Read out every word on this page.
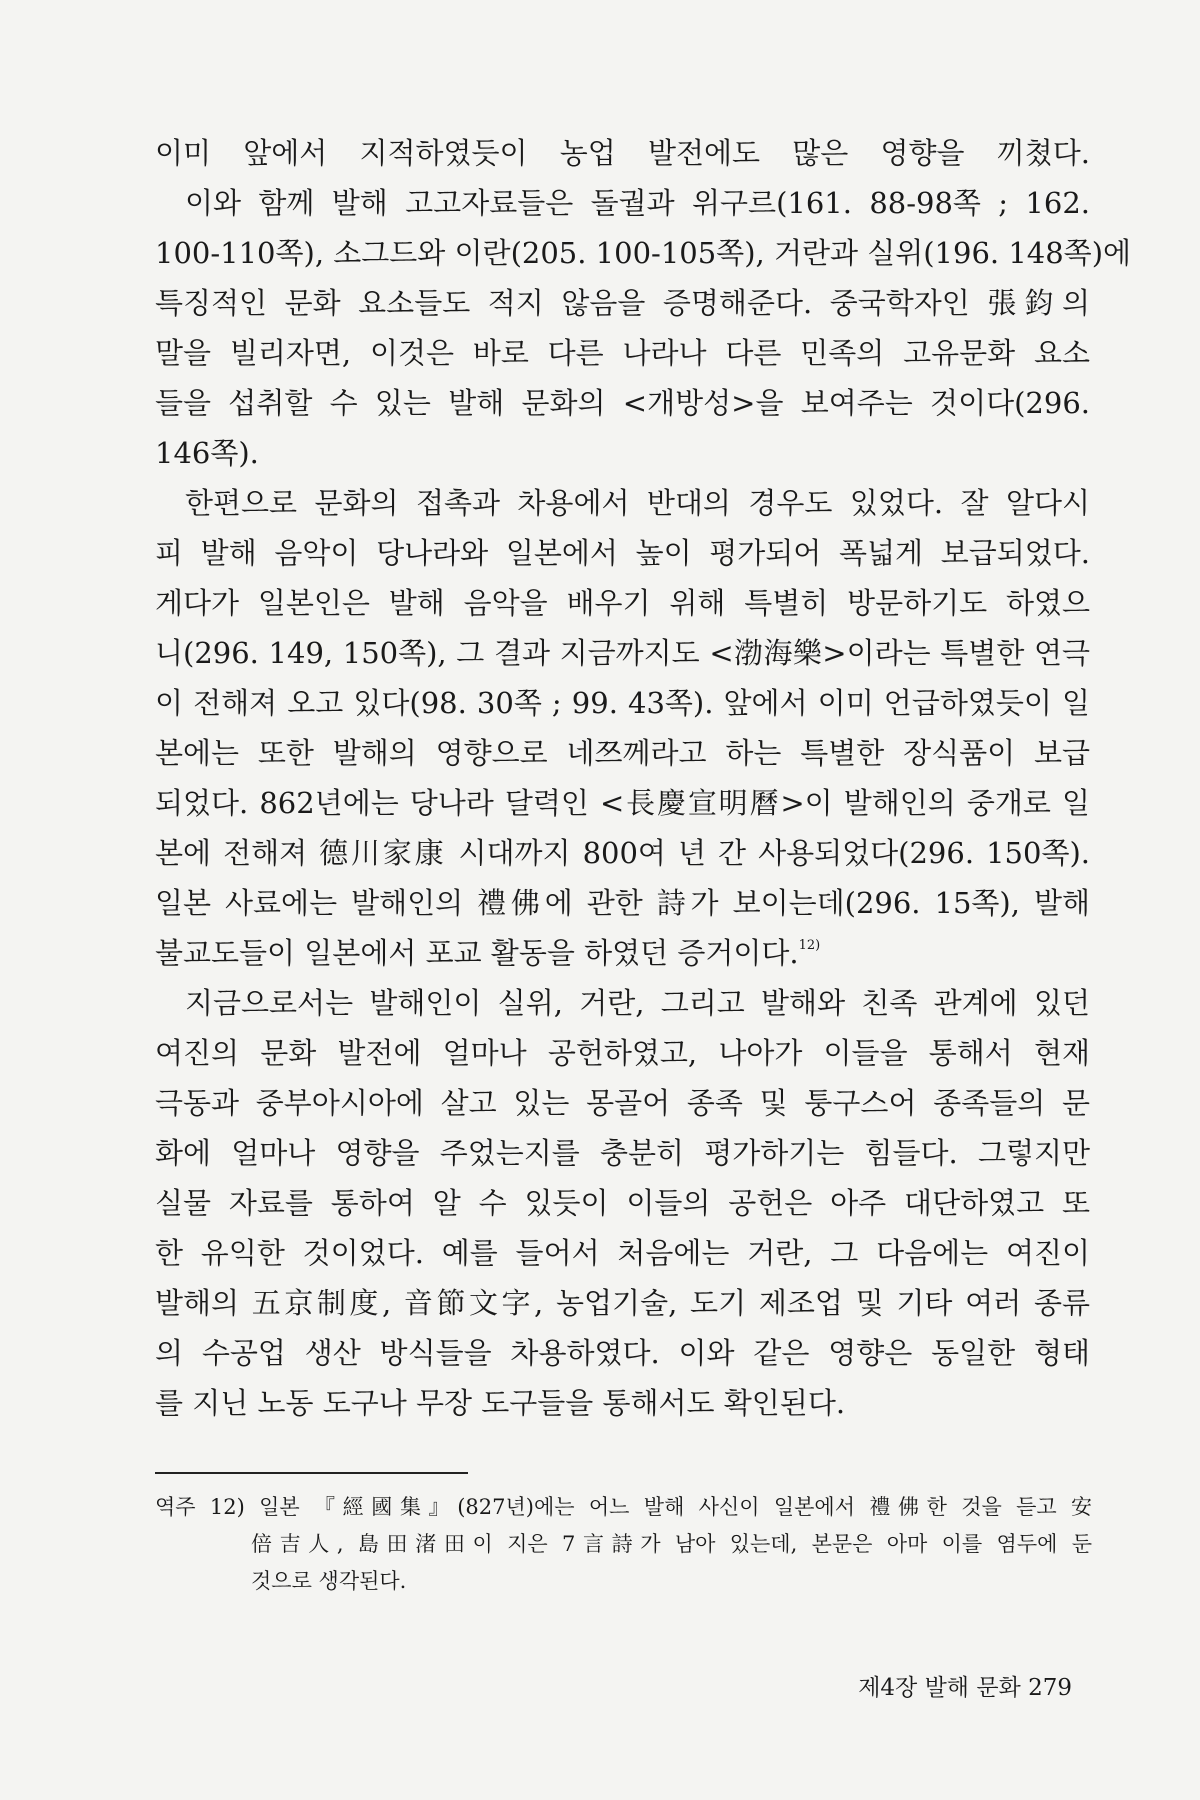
이미 앞에서 지적하였듯이 농업 발전에도 많은 영향을 끼쳤다.
이와 함께 발해 고고자료들은 돌궐과 위구르(161. 88-98쪽 ; 162.
100-110쪽), 소그드와 이란(205. 100-105쪽), 거란과 실위(196. 148쪽)에
특징적인 문화 요소들도 적지 않음을 증명해준다. 중국학자인 張鈞의
말을 빌리자면, 이것은 바로 다른 나라나 다른 민족의 고유문화 요소
들을 섭취할 수 있는 발해 문화의 <개방성>을 보여주는 것이다(296.
146쪽).
한편으로 문화의 접촉과 차용에서 반대의 경우도 있었다. 잘 알다시
피 발해 음악이 당나라와 일본에서 높이 평가되어 폭넓게 보급되었다.
게다가 일본인은 발해 음악을 배우기 위해 특별히 방문하기도 하였으
니(296. 149, 150쪽), 그 결과 지금까지도 <渤海樂>이라는 특별한 연극
이 전해져 오고 있다(98. 30쪽 ; 99. 43쪽). 앞에서 이미 언급하였듯이 일
본에는 또한 발해의 영향으로 네쯔께라고 하는 특별한 장식품이 보급
되었다. 862년에는 당나라 달력인 <長慶宣明曆>이 발해인의 중개로 일
본에 전해져 德川家康 시대까지 800여 년 간 사용되었다(296. 150쪽).
일본 사료에는 발해인의 禮佛에 관한 詩가 보이는데(296. 15쪽), 발해
불교도들이 일본에서 포교 활동을 하였던 증거이다.$^{12)}$
지금으로서는 발해인이 실위, 거란, 그리고 발해와 친족 관계에 있던
여진의 문화 발전에 얼마나 공헌하였고, 나아가 이들을 통해서 현재
극동과 중부아시아에 살고 있는 몽골어 종족 및 퉁구스어 종족들의 문
화에 얼마나 영향을 주었는지를 충분히 평가하기는 힘들다. 그렇지만
실물 자료를 통하여 알 수 있듯이 이들의 공헌은 아주 대단하였고 또
한 유익한 것이었다. 예를 들어서 처음에는 거란, 그 다음에는 여진이
발해의 五京制度, 音節文字, 농업기술, 도기 제조업 및 기타 여러 종류
의 수공업 생산 방식들을 차용하였다. 이와 같은 영향은 동일한 형태
를 지닌 노동 도구나 무장 도구들을 통해서도 확인된다.
역주 12) 일본 『經國集』(827년)에는 어느 발해 사신이 일본에서 禮佛한 것을 듣고 安
倍吉人, 島田渚田이 지은 7言詩가 남아 있는데, 본문은 아마 이를 염두에 둔
것으로 생각된다.
제4장 발해 문화 279
